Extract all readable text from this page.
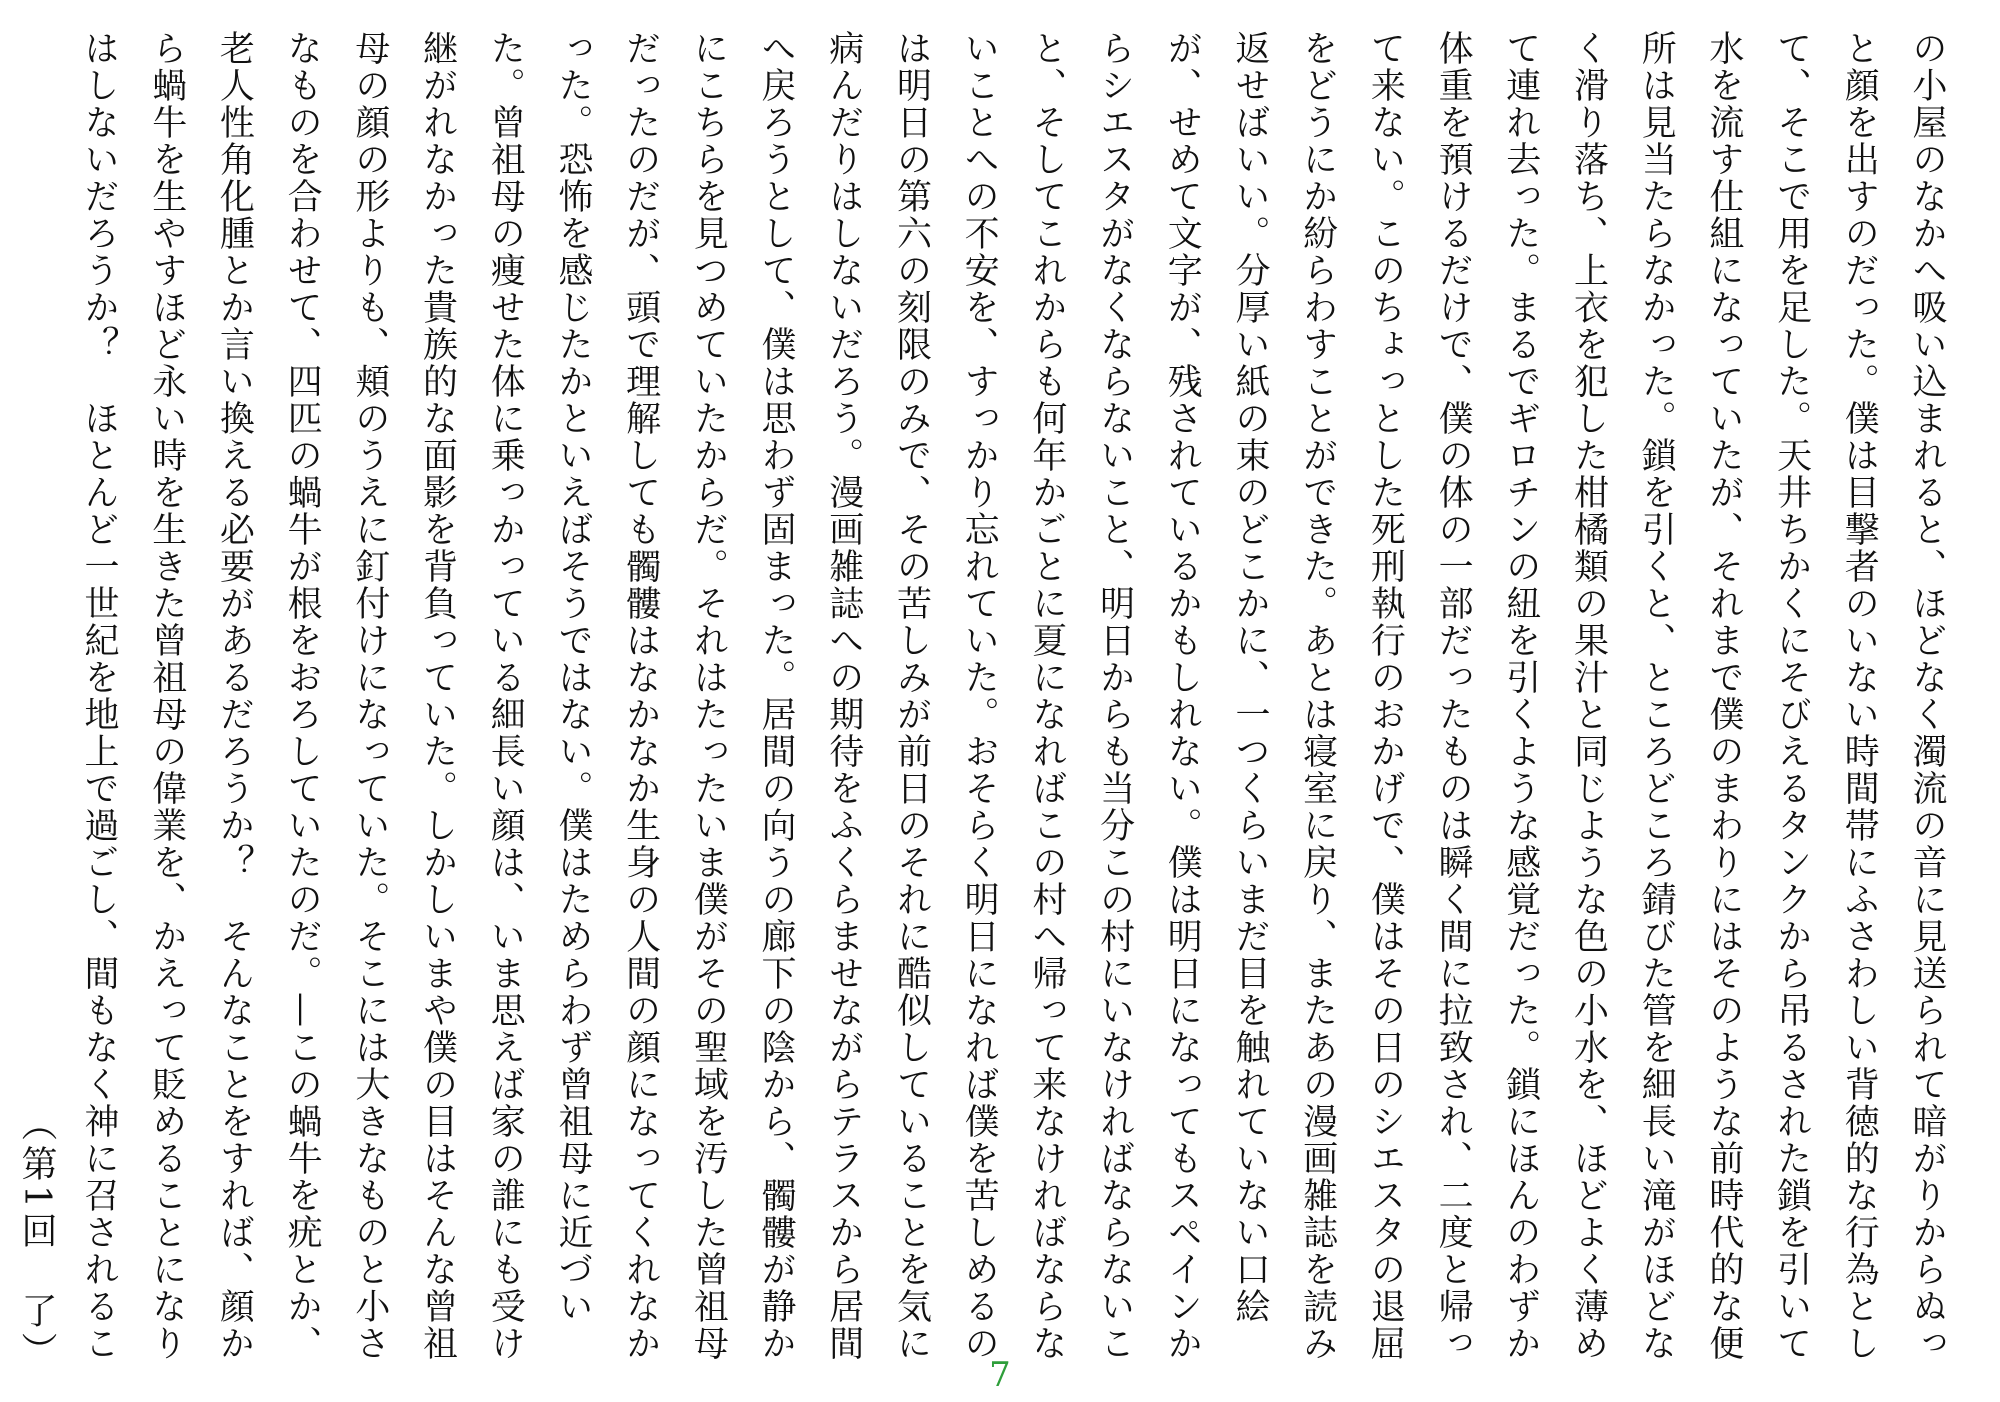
の小屋のなかへ吸い込まれると、ほどなく濁流の音に見送られて暗がりからぬっと顔を出すのだった。僕は目撃者のいない時間帯にふさわしい背徳的な行為として、そこで用を足した。天井ちかくにそびえるタンクから吊るされた鎖を引いて水を流す仕組になっていたが、それまで僕のまわりにはそのような前時代的な便所は見当たらなかった。鎖を引くと、ところどころ錆びた管を細長い滝がほどなく滑り落ち、上衣を犯した柑橘類の果汁と同じような色の小水を、ほどよく薄めて連れ去った。まるでギロチンの紐を引くような感覚だった。鎖にほんのわずか体重を預けるだけで、僕の体の一部だったものは瞬く間に拉致され、二度と帰って来ない。このちょっとした死刑執行のおかげで、僕はその日のシエスタの退屈をどうにか紛らわすことができた。あとは寝室に戻り、またあの漫画雑誌を読み返せばいい。分厚い紙の束のどこかに、一つくらいまだ目を触れていない口絵が、せめて文字が、残されているかもしれない。僕は明日になってもスペインからシエスタがなくならないこと、明日からも当分この村にいなければならないこと、そしてこれからも何年かごとに夏になればこの村へ帰って来なければならないことへの不安を、すっかり忘れていた。おそらく明日になれば僕を苦しめるのは明日の第六の刻限のみで、その苦しみが前日のそれに酷似していることを気に病んだりはしないだろう。漫画雑誌への期待をふくらませながらテラスから居間へ戻ろうとして、僕は思わず固まった。居間の向うの廊下の陰から、髑髏が静かにこちらを見つめていたからだ。それはたったいま僕がその聖域を汚した曾祖母だったのだが、頭で理解しても髑髏はなかなか生身の人間の顔になってくれなかった。恐怖を感じたかといえばそうではない。僕はためらわず曾祖母に近づいた。曾祖母の痩せた体に乗っかっている細長い顔は、いま思えば家の誰にも受け継がれなかった貴族的な面影を背負っていた。しかしいまや僕の目はそんな曾祖母の顔の形よりも、頬のうえに釘付けになっていた。そこには大きなものと小さなものを合わせて、四匹の蝸牛が根をおろしていたのだ。—この蝸牛を疣とか、老人性角化腫とか言い換える必要があるだろうか？　そんなことをすれば、顔から蝸牛を生やすほど永い時を生きた曾祖母の偉業を、かえって貶めることになりはしないだろうか？　ほとんど一世紀を地上で過ごし、間もなく神に召されるこ

（第1回　了）
7
